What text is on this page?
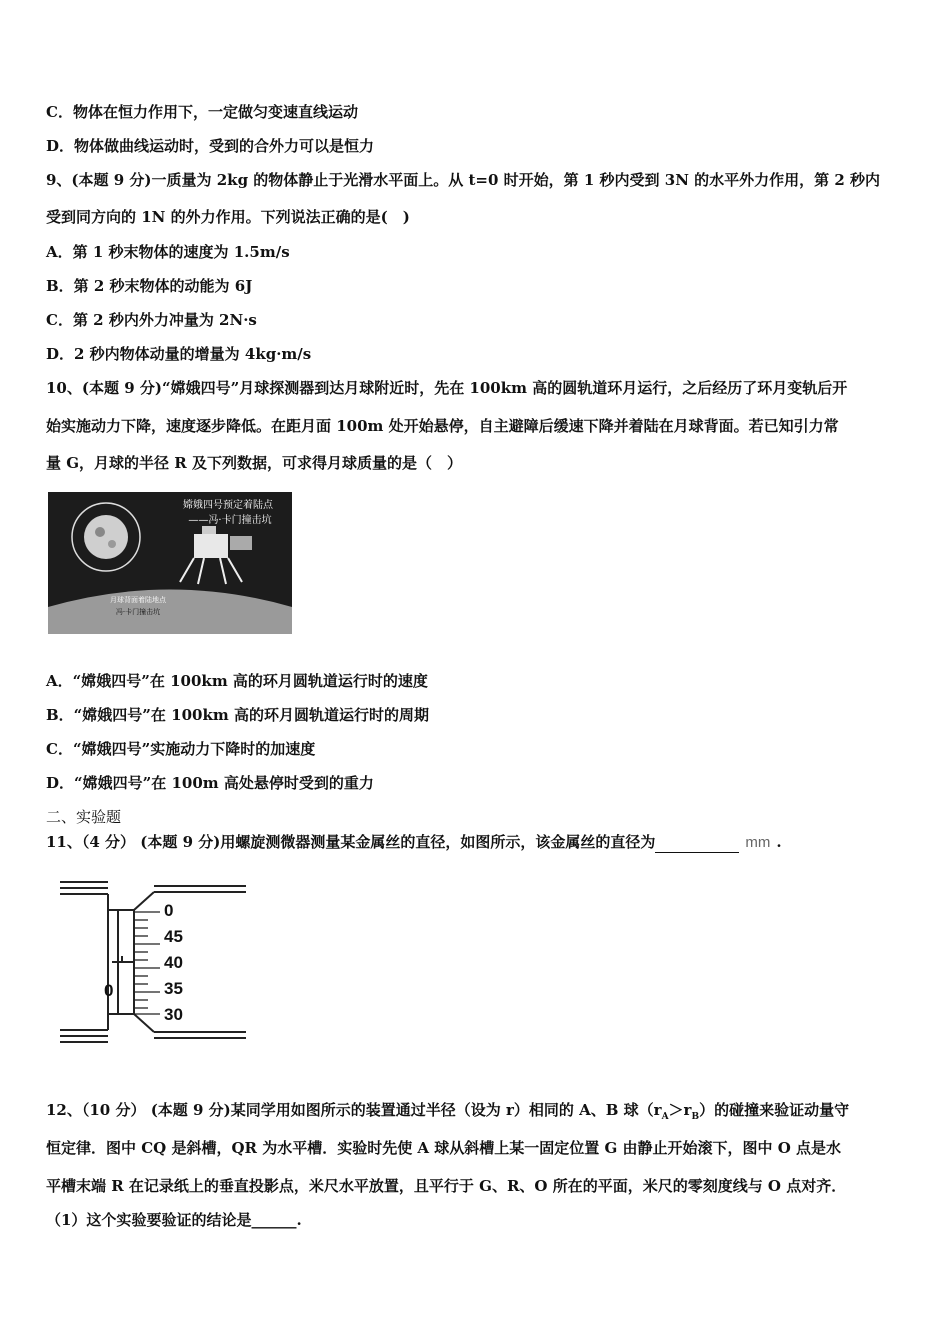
C．物体在恒力作用下，一定做匀变速直线运动
D．物体做曲线运动时，受到的合外力可以是恒力
9、(本题 9 分)一质量为 2kg 的物体静止于光滑水平面上。从 t=0 时开始，第 1 秒内受到 3N 的水平外力作用，第 2 秒内
受到同方向的 1N 的外力作用。下列说法正确的是(　)
A．第 1 秒末物体的速度为 1.5m/s
B．第 2 秒末物体的动能为 6J
C．第 2 秒内外力冲量为 2N·s
D．2 秒内物体动量的增量为 4kg·m/s
10、(本题 9 分)“嫦娥四号”月球探测器到达月球附近时，先在 100km 高的圆轨道环月运行，之后经历了环月变轨后开
始实施动力下降，速度逐步降低。在距月面 100m 处开始悬停，自主避障后缓速下降并着陆在月球背面。若已知引力常
量 G，月球的半径 R 及下列数据，可求得月球质量的是（　）
嫦娥四号预定着陆点
——冯·卡门撞击坑
月球背面着陆地点
冯·卡门撞击坑
A．“嫦娥四号”在 100km 高的环月圆轨道运行时的速度
B．“嫦娥四号”在 100km 高的环月圆轨道运行时的周期
C．“嫦娥四号”实施动力下降时的加速度
D．“嫦娥四号”在 100m 高处悬停时受到的重力
二、实验题
11、（4 分） (本题 9 分)用螺旋测微器测量某金属丝的直径，如图所示，该金属丝的直径为	mm .
0
45
40
35
30
0
12、（10 分） (本题 9 分)某同学用如图所示的装置通过半径（设为 r）相同的 A、B 球$(r_A>r_B)$的碰撞来验证动量守
恒定律．图中 CQ 是斜槽，QR 为水平槽．实验时先使 A 球从斜槽上某一固定位置 G 由静止开始滚下，图中 O 点是水
平槽末端 R 在记录纸上的垂直投影点，米尺水平放置，且平行于 G、R、O 所在的平面，米尺的零刻度线与 O 点对齐．
（1）这个实验要验证的结论是______.
